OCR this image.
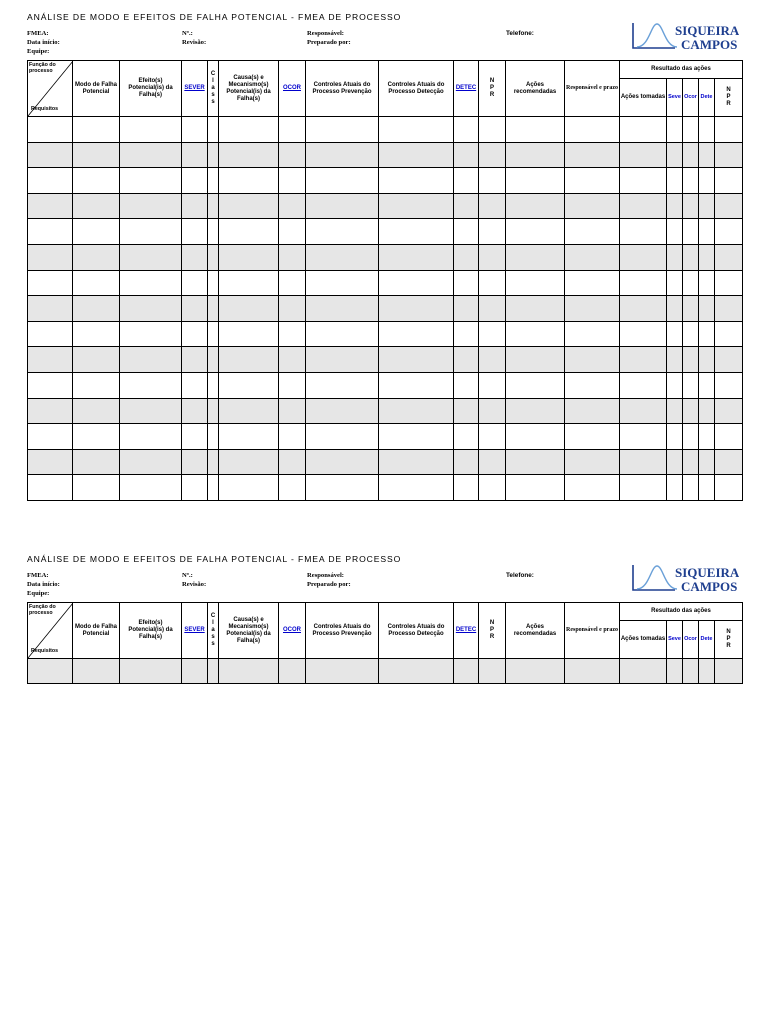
ANÁLISE DE MODO E EFEITOS DE FALHA POTENCIAL - FMEA DE PROCESSO
FMEA:
Data início:
Equipe:
Nº.:
Revisão:
Responsável:
Preparado por:
Telefone:	SIQUEIRA
CAMPOS
Função do processo
Requisitos	Modo de Falha Potencial	Efeito(s) Potencial(is) da Falha(s)	SEVER	C l a s s	Causa(s) e Mecanismo(s) Potencial(is) da Falha(s)	OCOR	Controles Atuais do Processo Prevenção	Controles Atuais do Processo Detecção	DETEC	N P R	Ações recomendadas	Responsável e prazo	Resultado das ações				
													Ações tomadas	Seve	Ocor	Dete	N P R

ANÁLISE DE MODO E EFEITOS DE FALHA POTENCIAL - FMEA DE PROCESSO
FMEA:
Data início:
Equipe:
Nº.:
Revisão:
Responsável:
Preparado por:
Telefone:	SIQUEIRA
CAMPOS
Função do processo
Requisitos	Modo de Falha Potencial	Efeito(s) Potencial(is) da Falha(s)	SEVER	C l a s s	Causa(s) e Mecanismo(s) Potencial(is) da Falha(s)	OCOR	Controles Atuais do Processo Prevenção	Controles Atuais do Processo Detecção	DETEC	N P R	Ações recomendadas	Responsável e prazo	Resultado das ações				
													Ações tomadas	Seve	Ocor	Dete	N P R
